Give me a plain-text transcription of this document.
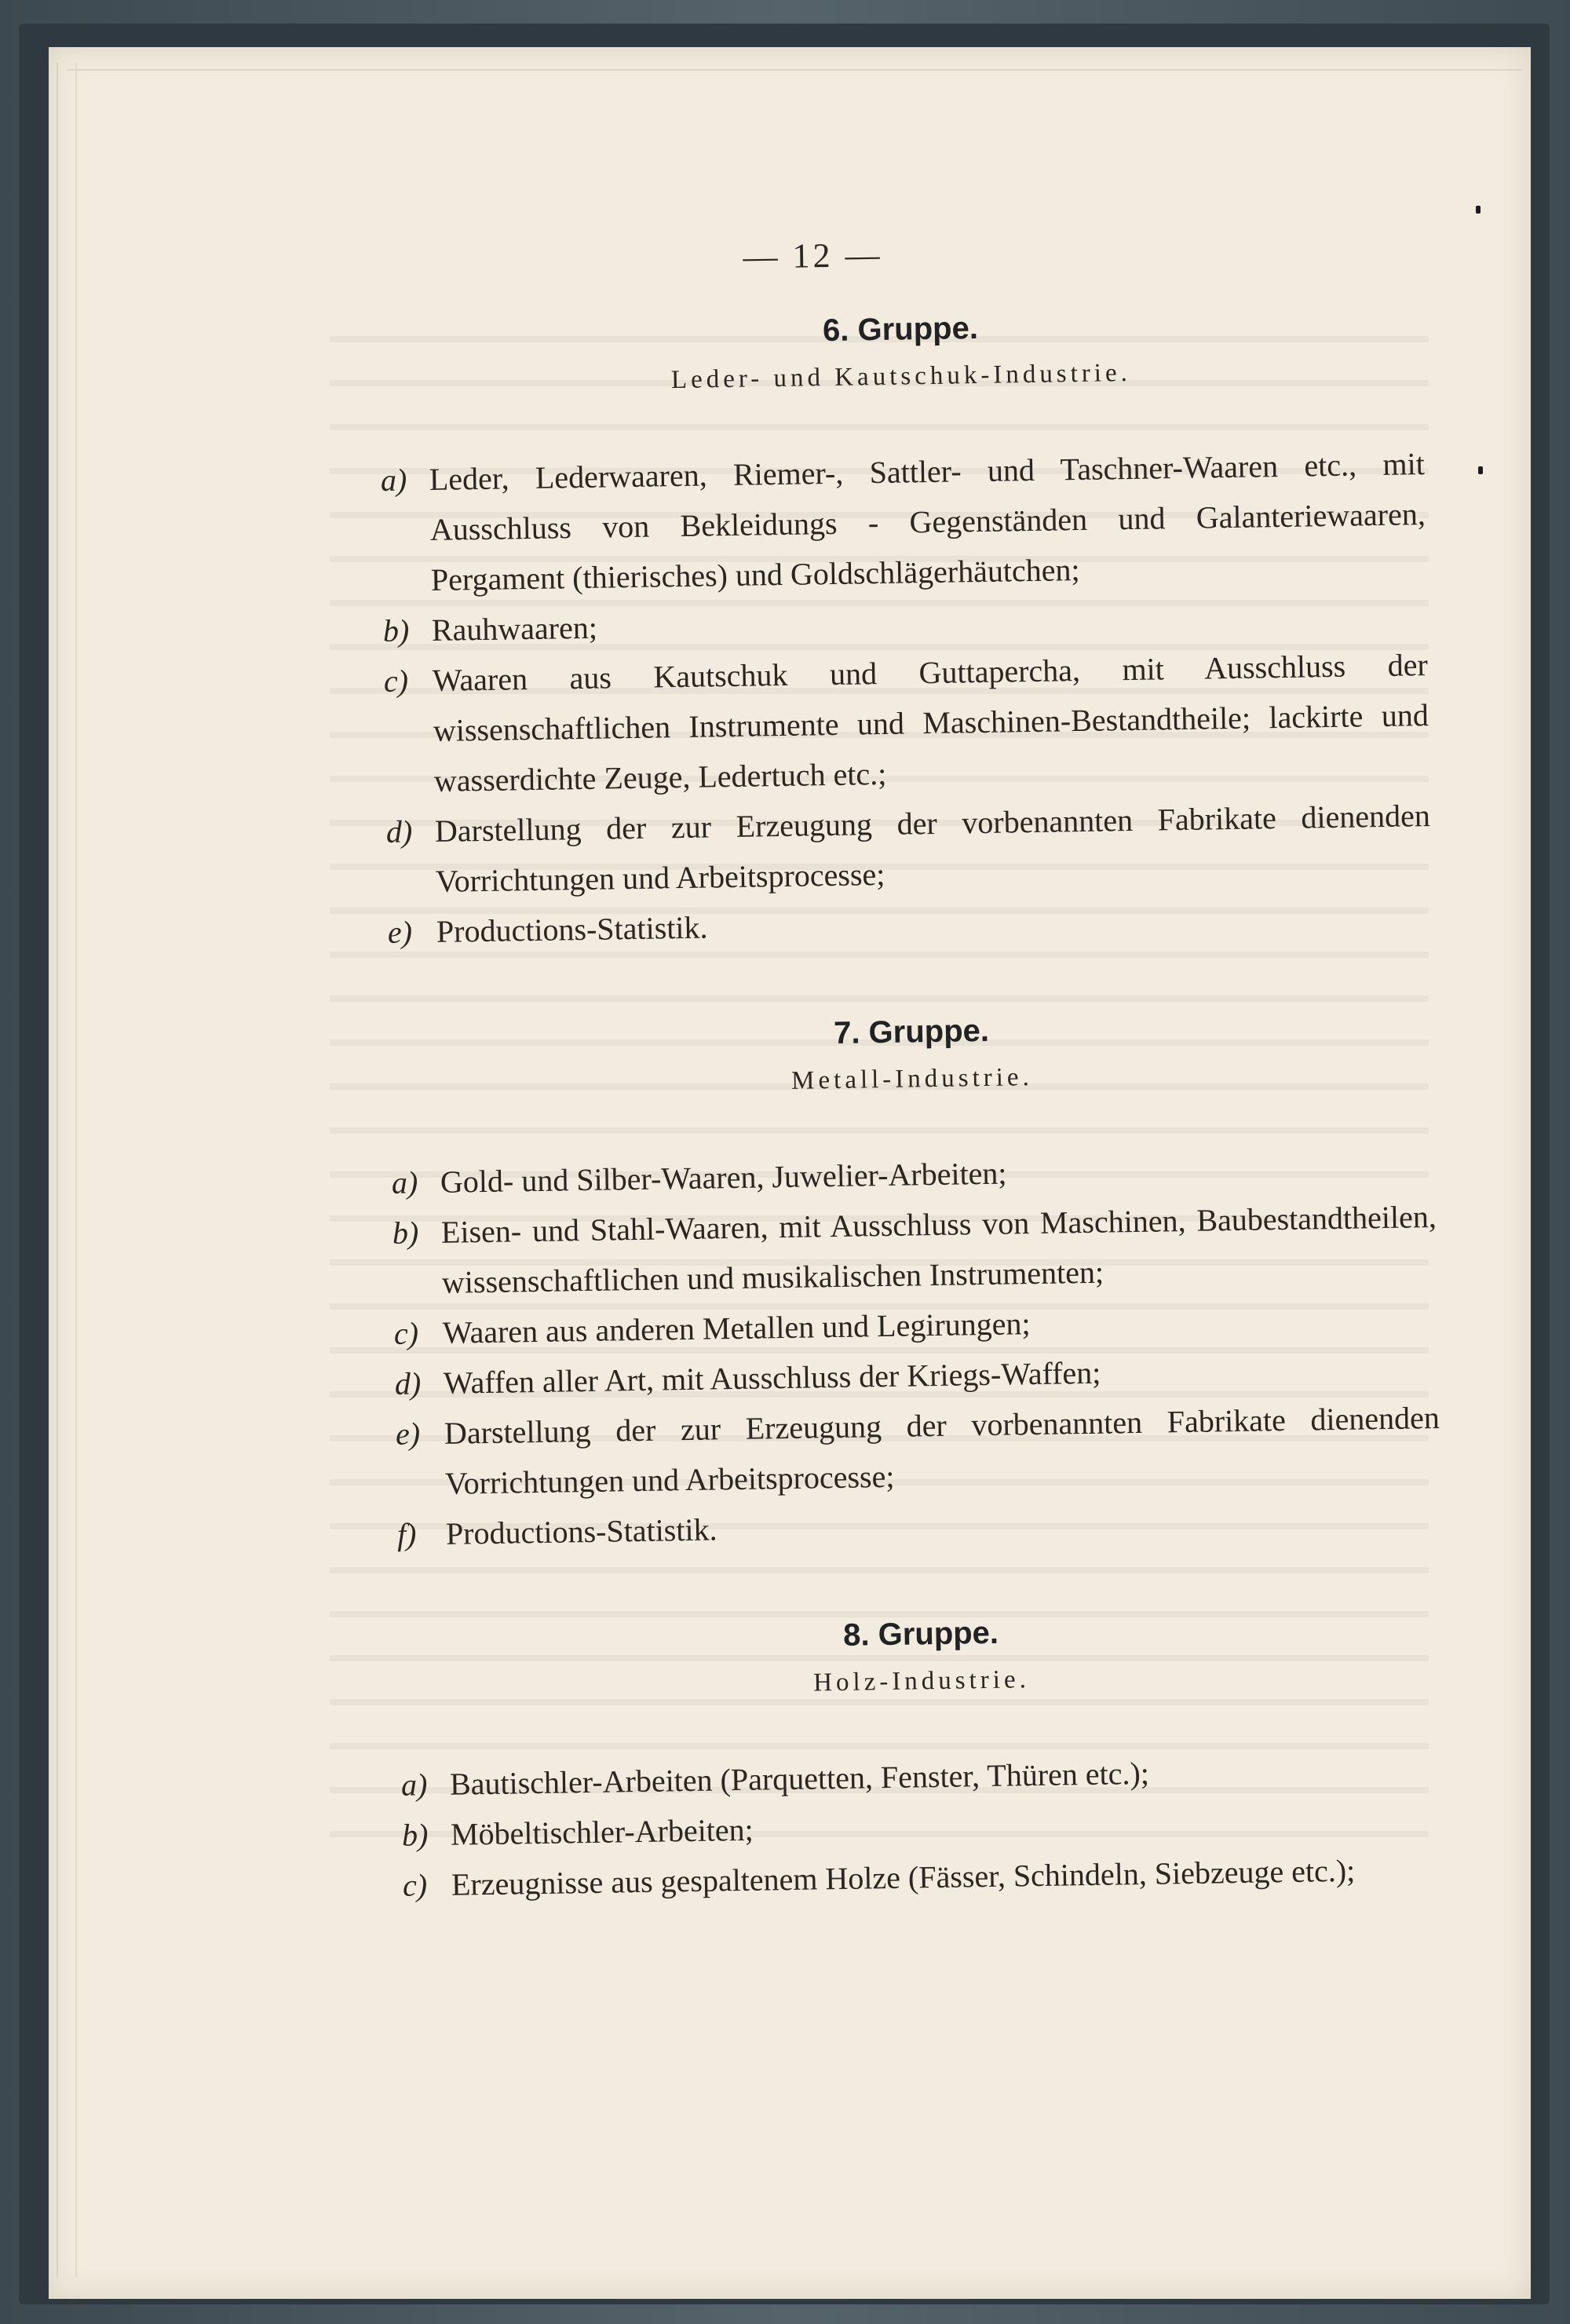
— 12 —
6. Gruppe.
Leder- und Kautschuk-Industrie.
a) Leder, Lederwaaren, Riemer-, Sattler- und Taschner-Waaren etc., mit Ausschluss von Bekleidungs - Gegenständen und Galanteriewaaren, Pergament (thierisches) und Goldschlägerhäutchen;
b) Rauhwaaren;
c) Waaren aus Kautschuk und Guttapercha, mit Ausschluss der wissenschaftlichen Instrumente und Maschinen-Bestandtheile; lackirte und wasserdichte Zeuge, Ledertuch etc.;
d) Darstellung der zur Erzeugung der vorbenannten Fabrikate dienenden Vorrichtungen und Arbeitsprocesse;
e) Productions-Statistik.
7. Gruppe.
Metall-Industrie.
a) Gold- und Silber-Waaren, Juwelier-Arbeiten;
b) Eisen- und Stahl-Waaren, mit Ausschluss von Maschinen, Baubestandtheilen, wissenschaftlichen und musikalischen Instrumenten;
c) Waaren aus anderen Metallen und Legirungen;
d) Waffen aller Art, mit Ausschluss der Kriegs-Waffen;
e) Darstellung der zur Erzeugung der vorbenannten Fabrikate dienenden Vorrichtungen und Arbeitsprocesse;
f) Productions-Statistik.
8. Gruppe.
Holz-Industrie.
a) Bautischler-Arbeiten (Parquetten, Fenster, Thüren etc.);
b) Möbeltischler-Arbeiten;
c) Erzeugnisse aus gespaltenem Holze (Fässer, Schindeln, Siebzeuge etc.);
